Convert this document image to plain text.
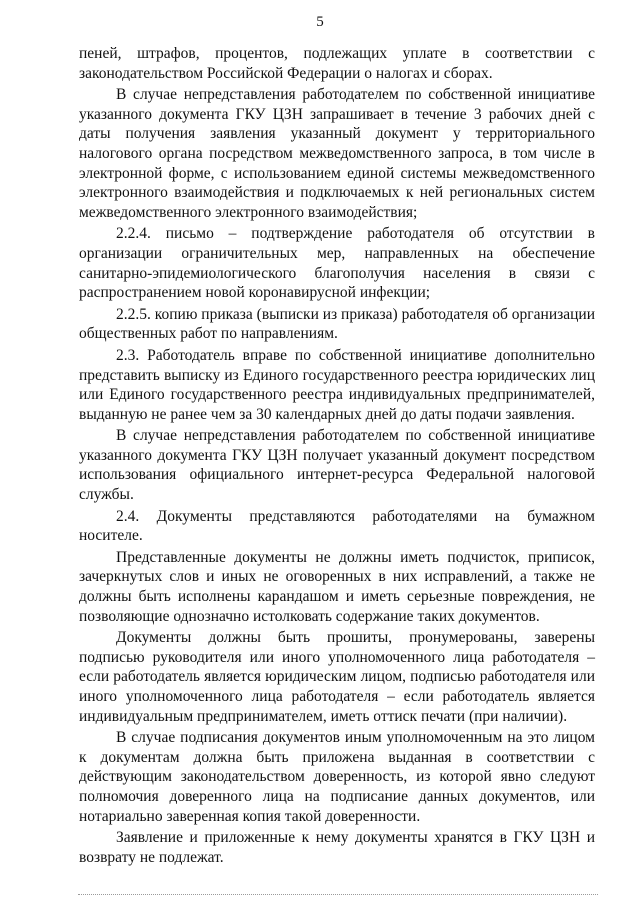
5

пеней, штрафов, процентов, подлежащих уплате в соответствии с законодательством Российской Федерации о налогах и сборах.

В случае непредставления работодателем по собственной инициативе указанного документа ГКУ ЦЗН запрашивает в течение 3 рабочих дней с даты получения заявления указанный документ у территориального налогового органа посредством межведомственного запроса, в том числе в электронной форме, с использованием единой системы межведомственного электронного взаимодействия и подключаемых к ней региональных систем межведомственного электронного взаимодействия;

2.2.4. письмо – подтверждение работодателя об отсутствии в организации ограничительных мер, направленных на обеспечение санитарно-эпидемиологического благополучия населения в связи с распространением новой коронавирусной инфекции;

2.2.5. копию приказа (выписки из приказа) работодателя об организации общественных работ по направлениям.

2.3. Работодатель вправе по собственной инициативе дополнительно представить выписку из Единого государственного реестра юридических лиц или Единого государственного реестра индивидуальных предпринимателей, выданную не ранее чем за 30 календарных дней до даты подачи заявления.

В случае непредставления работодателем по собственной инициативе указанного документа ГКУ ЦЗН получает указанный документ посредством использования официального интернет-ресурса Федеральной налоговой службы.

2.4. Документы представляются работодателями на бумажном носителе.

Представленные документы не должны иметь подчисток, приписок, зачеркнутых слов и иных не оговоренных в них исправлений, а также не должны быть исполнены карандашом и иметь серьезные повреждения, не позволяющие однозначно истолковать содержание таких документов.

Документы должны быть прошиты, пронумерованы, заверены подписью руководителя или иного уполномоченного лица работодателя – если работодатель является юридическим лицом, подписью работодателя или иного уполномоченного лица работодателя – если работодатель является индивидуальным предпринимателем, иметь оттиск печати (при наличии).

В случае подписания документов иным уполномоченным на это лицом к документам должна быть приложена выданная в соответствии с действующим законодательством доверенность, из которой явно следуют полномочия доверенного лица на подписание данных документов, или нотариально заверенная копия такой доверенности.

Заявление и приложенные к нему документы хранятся в ГКУ ЦЗН и возврату не подлежат.
